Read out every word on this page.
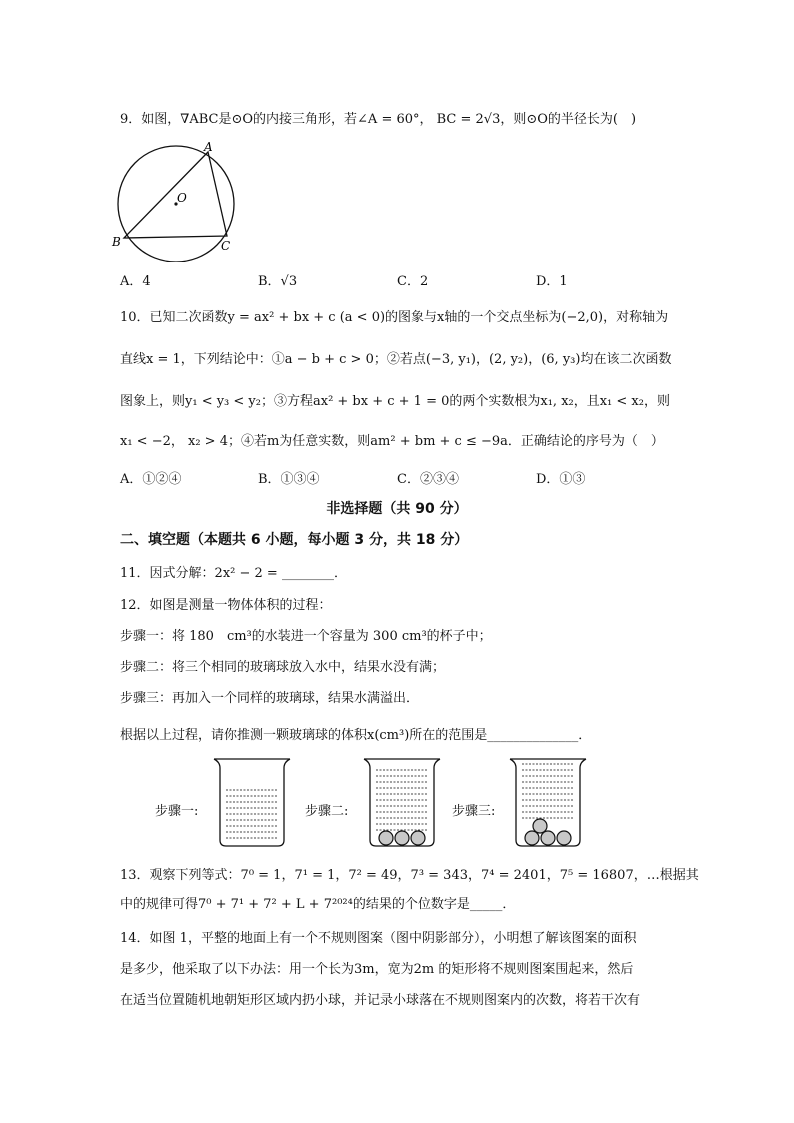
9．如图，∇ABC是⊙O的内接三角形，若∠A = 60°， BC = 2√3，则⊙O的半径长为(　)
A
B	C
O
A．4	B．√3	C．2	D．1
10．已知二次函数y = ax² + bx + c (a < 0)的图象与x轴的一个交点坐标为(−2,0)，对称轴为
直线x = 1，下列结论中：①a − b + c > 0；②若点(−3, y₁)，(2, y₂)，(6, y₃)均在该二次函数
图象上，则y₁ < y₃ < y₂；③方程ax² + bx + c + 1 = 0的两个实数根为x₁, x₂，且x₁ < x₂，则
x₁ < −2， x₂ > 4；④若m为任意实数，则am² + bm + c ≤ −9a．正确结论的序号为（　）
A．①②④	B．①③④	C．②③④	D．①③
非选择题（共 90 分）
二、填空题（本题共 6 小题，每小题 3 分，共 18 分）
11．因式分解：2x² − 2 = ________．
12．如图是测量一物体体积的过程：
步骤一：将 180　cm³的水装进一个容量为 300 cm³的杯子中；
步骤二：将三个相同的玻璃球放入水中，结果水没有满；
步骤三：再加入一个同样的玻璃球，结果水满溢出．
根据以上过程，请你推测一颗玻璃球的体积x(cm³)所在的范围是______________．
步骤一:	步骤二:	步骤三:
13．观察下列等式：7⁰ = 1，7¹ = 1，7² = 49，7³ = 343，7⁴ = 2401，7⁵ = 16807，…根据其
中的规律可得7⁰ + 7¹ + 7² + L + 7²⁰²⁴的结果的个位数字是_____．
14．如图 1，平整的地面上有一个不规则图案（图中阴影部分），小明想了解该图案的面积
是多少，他采取了以下办法：用一个长为3m，宽为2m 的矩形将不规则图案围起来，然后
在适当位置随机地朝矩形区域内扔小球，并记录小球落在不规则图案内的次数，将若干次有
